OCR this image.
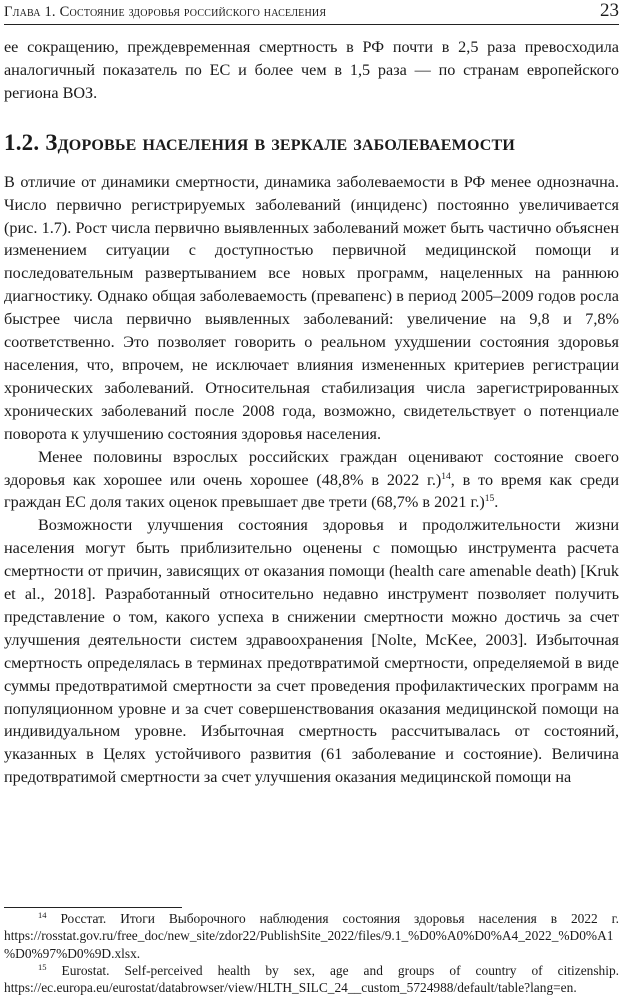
Глава 1. Состояние здоровья российского населения	23

ее сокращению, преждевременная смертность в РФ почти в 2,5 раза превосходила аналогичный показатель по ЕС и более чем в 1,5 раза — по странам европейского региона ВОЗ.

1.2. Здоровье населения в зеркале заболеваемости

В отличие от динамики смертности, динамика заболеваемости в РФ менее однозначна. Число первично регистрируемых заболеваний (инциденс) постоянно увеличивается (рис. 1.7). Рост числа первично выявленных заболеваний может быть частично объяснен изменением ситуации с доступностью первичной медицинской помощи и последовательным развертыванием все новых программ, нацеленных на раннюю диагностику. Однако общая заболеваемость (превапенс) в период 2005–2009 годов росла быстрее числа первично выявленных заболеваний: увеличение на 9,8 и 7,8% соответственно. Это позволяет говорить о реальном ухудшении состояния здоровья населения, что, впрочем, не исключает влияния измененных критериев регистрации хронических заболеваний. Относительная стабилизация числа зарегистрированных хронических заболеваний после 2008 года, возможно, свидетельствует о потенциале поворота к улучшению состояния здоровья населения.

Менее половины взрослых российских граждан оценивают состояние своего здоровья как хорошее или очень хорошее (48,8% в 2022 г.)$^{14}$, в то время как среди граждан ЕС доля таких оценок превышает две трети (68,7% в 2021 г.)$^{15}$.

Возможности улучшения состояния здоровья и продолжительности жизни населения могут быть приблизительно оценены с помощью инструмента расчета смертности от причин, зависящих от оказания помощи (health care amenable death) [Kruk et al., 2018]. Разработанный относительно недавно инструмент позволяет получить представление о том, какого успеха в снижении смертности можно достичь за счет улучшения деятельности систем здравоохранения [Nolte, McKee, 2003]. Избыточная смертность определялась в терминах предотвратимой смертности, определяемой в виде суммы предотвратимой смертности за счет проведения профилактических программ на популяционном уровне и за счет совершенствования оказания медицинской помощи на индивидуальном уровне. Избыточная смертность рассчитывалась от состояний, указанных в Целях устойчивого развития (61 заболевание и состояние). Величина предотвратимой смертности за счет улучшения оказания медицинской помощи на

$^{14}$ Росстат. Итоги Выборочного наблюдения состояния здоровья населения в 2022 г. https://rosstat.gov.ru/free_doc/new_site/zdor22/PublishSite_2022/files/9.1_%D0%A0%D0%A4_2022_%D0%A1%D0%97%D0%9D.xlsx.

$^{15}$ Eurostat. Self-perceived health by sex, age and groups of country of citizenship. https://ec.europa.eu/eurostat/databrowser/view/HLTH_SILC_24__custom_5724988/default/table?lang=en.
